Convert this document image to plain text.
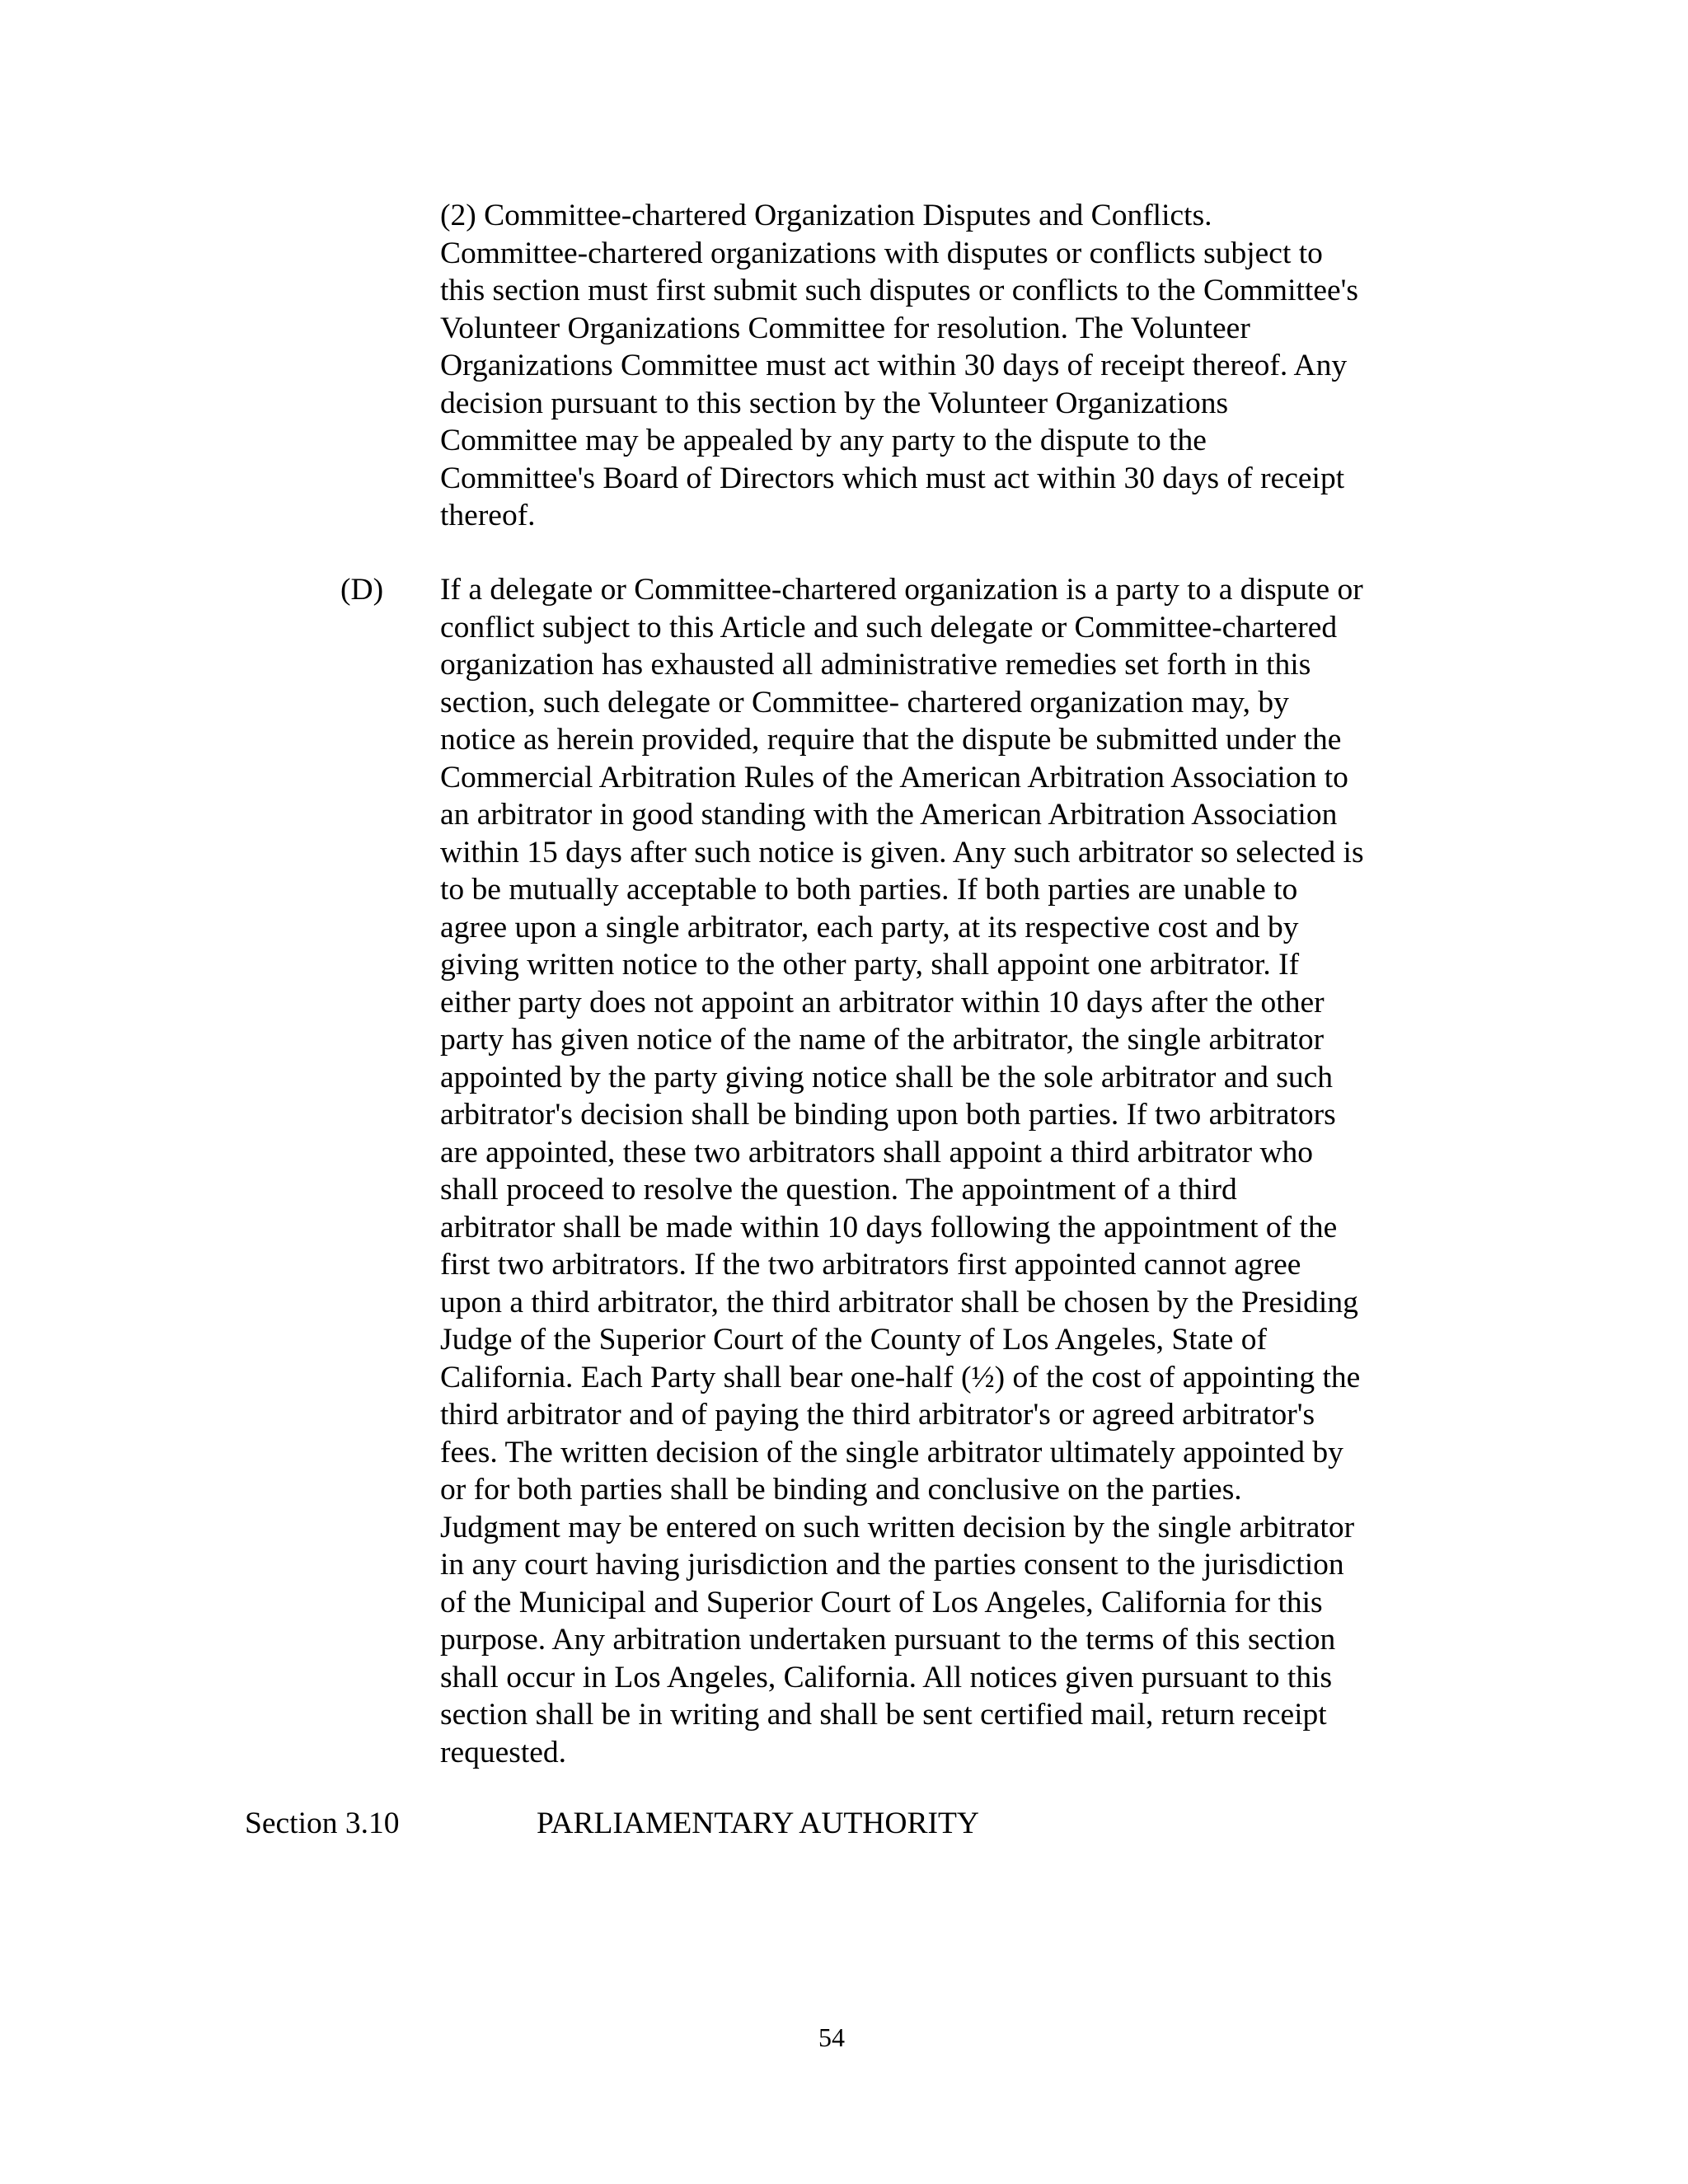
(2) Committee-chartered Organization Disputes and Conflicts.
Committee-chartered organizations with disputes or conflicts subject to
this section must first submit such disputes or conflicts to the Committee's
Volunteer Organizations Committee for resolution. The Volunteer
Organizations Committee must act within 30 days of receipt thereof. Any
decision pursuant to this section by the Volunteer Organizations
Committee may be appealed by any party to the dispute to the
Committee's Board of Directors which must act within 30 days of receipt
thereof.
(D) If a delegate or Committee-chartered organization is a party to a dispute or
conflict subject to this Article and such delegate or Committee-chartered
organization has exhausted all administrative remedies set forth in this
section, such delegate or Committee- chartered organization may, by
notice as herein provided, require that the dispute be submitted under the
Commercial Arbitration Rules of the American Arbitration Association to
an arbitrator in good standing with the American Arbitration Association
within 15 days after such notice is given. Any such arbitrator so selected is
to be mutually acceptable to both parties. If both parties are unable to
agree upon a single arbitrator, each party, at its respective cost and by
giving written notice to the other party, shall appoint one arbitrator. If
either party does not appoint an arbitrator within 10 days after the other
party has given notice of the name of the arbitrator, the single arbitrator
appointed by the party giving notice shall be the sole arbitrator and such
arbitrator's decision shall be binding upon both parties. If two arbitrators
are appointed, these two arbitrators shall appoint a third arbitrator who
shall proceed to resolve the question. The appointment of a third
arbitrator shall be made within 10 days following the appointment of the
first two arbitrators. If the two arbitrators first appointed cannot agree
upon a third arbitrator, the third arbitrator shall be chosen by the Presiding
Judge of the Superior Court of the County of Los Angeles, State of
California. Each Party shall bear one-half (½) of the cost of appointing the
third arbitrator and of paying the third arbitrator's or agreed arbitrator's
fees. The written decision of the single arbitrator ultimately appointed by
or for both parties shall be binding and conclusive on the parties.
Judgment may be entered on such written decision by the single arbitrator
in any court having jurisdiction and the parties consent to the jurisdiction
of the Municipal and Superior Court of Los Angeles, California for this
purpose. Any arbitration undertaken pursuant to the terms of this section
shall occur in Los Angeles, California. All notices given pursuant to this
section shall be in writing and shall be sent certified mail, return receipt
requested.
Section 3.10	PARLIAMENTARY AUTHORITY
54
